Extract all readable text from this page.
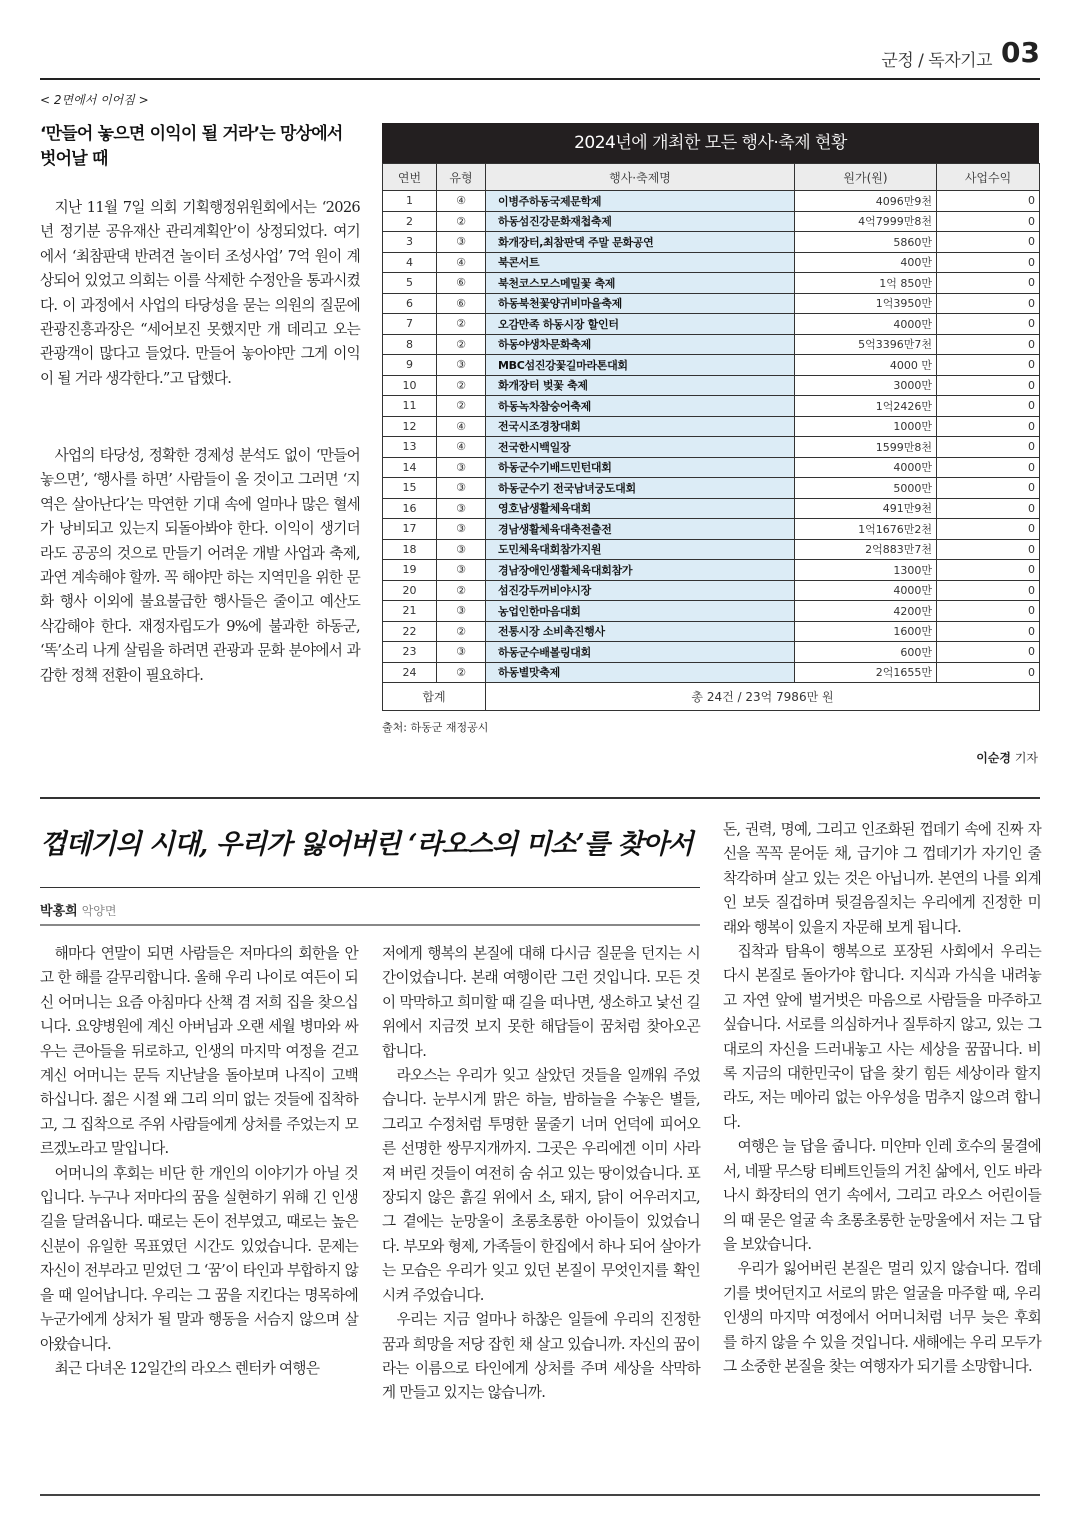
군정 / 독자기고 03
< 2면에서 이어짐 >
‘만들어 놓으면 이익이 될 거라’는 망상에서 벗어날 때

지난 11월 7일 의회 기획행정위원회에서는 ‘2026년 정기분 공유재산 관리계획안’이 상정되었다. 여기에서 ‘최참판댁 반려견 놀이터 조성사업’ 7억 원이 계상되어 있었고 의회는 이를 삭제한 수정안을 통과시켰다. 이 과정에서 사업의 타당성을 묻는 의원의 질문에 관광진흥과장은 “세어보진 못했지만 개 데리고 오는 관광객이 많다고 들었다. 만들어 놓아야만 그게 이익이 될 거라 생각한다.”고 답했다.

사업의 타당성, 정확한 경제성 분석도 없이 ‘만들어 놓으면’, ‘행사를 하면’ 사람들이 올 것이고 그러면 ‘지역은 살아난다’는 막연한 기대 속에 얼마나 많은 혈세가 낭비되고 있는지 되돌아봐야 한다. 이익이 생기더라도 공공의 것으로 만들기 어려운 개발 사업과 축제, 과연 계속해야 할까. 꼭 해야만 하는 지역민을 위한 문화 행사 이외에 불요불급한 행사들은 줄이고 예산도 삭감해야 한다. 재정자립도가 9%에 불과한 하동군, ‘똑’소리 나게 살림을 하려면 관광과 문화 분야에서 과감한 정책 전환이 필요하다.

2024년에 개최한 모든 행사·축제 현황
연번	유형	행사·축제명	원가(원)	사업수익
1	④	이병주하동국제문학제	4096만9천	0
2	②	하동섬진강문화재첩축제	4억7999만8천	0
3	③	화개장터,최참판댁 주말 문화공연	5860만	0
4	④	북콘서트	400만	0
5	⑥	북천코스모스메밀꽃 축제	1억 850만	0
6	⑥	하동북천꽃양귀비마을축제	1억3950만	0
7	②	오감만족 하동시장 할인터	4000만	0
8	②	하동야생차문화축제	5억3396만7천	0
9	③	MBC섬진강꽃길마라톤대회	4000 만	0
10	②	화개장터 벚꽃 축제	3000만	0
11	②	하동녹차참숭어축제	1억2426만	0
12	④	전국시조경창대회	1000만	0
13	④	전국한시백일장	1599만8천	0
14	③	하동군수기배드민턴대회	4000만	0
15	③	하동군수기 전국남녀궁도대회	5000만	0
16	③	영호남생활체육대회	491만9천	0
17	③	경남생활체육대축전출전	1억1676만2천	0
18	③	도민체육대회참가지원	2억883만7천	0
19	③	경남장애인생활체육대회참가	1300만	0
20	②	섬진강두꺼비야시장	4000만	0
21	③	농업인한마음대회	4200만	0
22	②	전통시장 소비촉진행사	1600만	0
23	③	하동군수배볼링대회	600만	0
24	②	하동별맛축제	2억1655만	0
합계		총 24건 / 23억 7986만 원		
출처: 하동군 재정공시
이순경 기자
껍데기의 시대, 우리가 잃어버린 ‘라오스의 미소’를 찾아서
박홍희 악양면

해마다 연말이 되면 사람들은 저마다의 회한을 안고 한 해를 갈무리합니다. 올해 우리 나이로 여든이 되신 어머니는 요즘 아침마다 산책 겸 저희 집을 찾으십니다. 요양병원에 계신 아버님과 오랜 세월 병마와 싸우는 큰아들을 뒤로하고, 인생의 마지막 여정을 걷고 계신 어머니는 문득 지난날을 돌아보며 나직이 고백하십니다. 젊은 시절 왜 그리 의미 없는 것들에 집착하고, 그 집착으로 주위 사람들에게 상처를 주었는지 모르겠노라고 말입니다.

어머니의 후회는 비단 한 개인의 이야기가 아닐 것입니다. 누구나 저마다의 꿈을 실현하기 위해 긴 인생길을 달려옵니다. 때로는 돈이 전부였고, 때로는 높은 신분이 유일한 목표였던 시간도 있었습니다. 문제는 자신이 전부라고 믿었던 그 ‘꿈’이 타인과 부합하지 않을 때 일어납니다. 우리는 그 꿈을 지킨다는 명목하에 누군가에게 상처가 될 말과 행동을 서슴지 않으며 살아왔습니다.

최근 다녀온 12일간의 라오스 렌터카 여행은

저에게 행복의 본질에 대해 다시금 질문을 던지는 시간이었습니다. 본래 여행이란 그런 것입니다. 모든 것이 막막하고 희미할 때 길을 떠나면, 생소하고 낯선 길 위에서 지금껏 보지 못한 해답들이 꿈처럼 찾아오곤 합니다.

라오스는 우리가 잊고 살았던 것들을 일깨워 주었습니다. 눈부시게 맑은 하늘, 밤하늘을 수놓은 별들, 그리고 수정처럼 투명한 물줄기 너머 언덕에 피어오른 선명한 쌍무지개까지. 그곳은 우리에겐 이미 사라져 버린 것들이 여전히 숨 쉬고 있는 땅이었습니다. 포장되지 않은 흙길 위에서 소, 돼지, 닭이 어우러지고, 그 곁에는 눈망울이 초롱초롱한 아이들이 있었습니다. 부모와 형제, 가족들이 한집에서 하나 되어 살아가는 모습은 우리가 잊고 있던 본질이 무엇인지를 확인시켜 주었습니다.

우리는 지금 얼마나 하찮은 일들에 우리의 진정한 꿈과 희망을 저당 잡힌 채 살고 있습니까. 자신의 꿈이라는 이름으로 타인에게 상처를 주며 세상을 삭막하게 만들고 있지는 않습니까.

돈, 권력, 명예, 그리고 인조화된 껍데기 속에 진짜 자신을 꼭꼭 묻어둔 채, 급기야 그 껍데기가 자기인 줄 착각하며 살고 있는 것은 아닙니까. 본연의 나를 외계인 보듯 질겁하며 뒷걸음질치는 우리에게 진정한 미래와 행복이 있을지 자문해 보게 됩니다.

집착과 탐욕이 행복으로 포장된 사회에서 우리는 다시 본질로 돌아가야 합니다. 지식과 가식을 내려놓고 자연 앞에 벌거벗은 마음으로 사람들을 마주하고 싶습니다. 서로를 의심하거나 질투하지 않고, 있는 그대로의 자신을 드러내놓고 사는 세상을 꿈꿉니다. 비록 지금의 대한민국이 답을 찾기 힘든 세상이라 할지라도, 저는 메아리 없는 아우성을 멈추지 않으려 합니다.

여행은 늘 답을 줍니다. 미얀마 인레 호수의 물결에서, 네팔 무스탕 티베트인들의 거친 삶에서, 인도 바라나시 화장터의 연기 속에서, 그리고 라오스 어린이들의 때 묻은 얼굴 속 초롱초롱한 눈망울에서 저는 그 답을 보았습니다.

우리가 잃어버린 본질은 멀리 있지 않습니다. 껍데기를 벗어던지고 서로의 맑은 얼굴을 마주할 때, 우리 인생의 마지막 여정에서 어머니처럼 너무 늦은 후회를 하지 않을 수 있을 것입니다. 새해에는 우리 모두가 그 소중한 본질을 찾는 여행자가 되기를 소망합니다.
